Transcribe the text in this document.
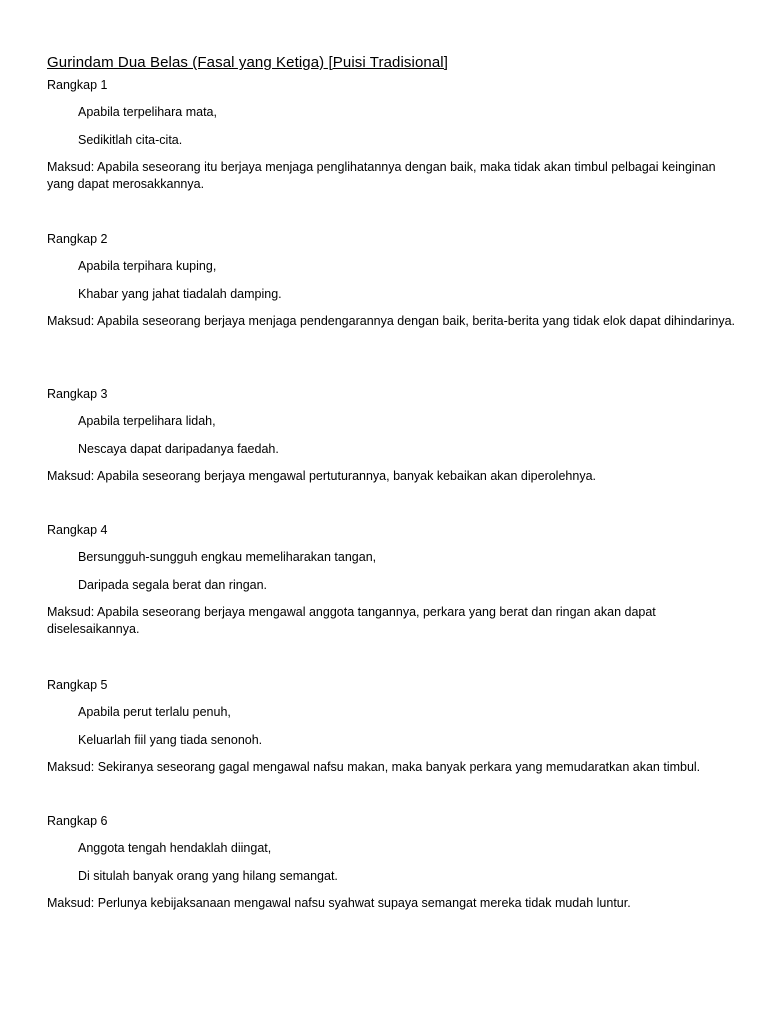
Gurindam Dua Belas (Fasal yang Ketiga) [Puisi Tradisional]
Rangkap 1
Apabila terpelihara mata,
Sedikitlah cita-cita.

Maksud: Apabila seseorang itu berjaya menjaga penglihatannya dengan baik, maka tidak akan timbul pelbagai keinginan yang dapat merosakkannya.

Rangkap 2
Apabila terpihara kuping,
Khabar yang jahat tiadalah damping.

Maksud: Apabila seseorang berjaya menjaga pendengarannya dengan baik, berita-berita yang tidak elok dapat dihindarinya.

Rangkap 3
Apabila terpelihara lidah,
Nescaya dapat daripadanya faedah.

Maksud: Apabila seseorang berjaya mengawal pertuturannya, banyak kebaikan akan diperolehnya.

Rangkap 4
Bersungguh-sungguh engkau memeliharakan tangan,
Daripada segala berat dan ringan.

Maksud: Apabila seseorang berjaya mengawal anggota tangannya, perkara yang berat dan ringan akan dapat diselesaikannya.

Rangkap 5
Apabila perut terlalu penuh,
Keluarlah fiil yang tiada senonoh.

Maksud: Sekiranya seseorang gagal mengawal nafsu makan, maka banyak perkara yang memudaratkan akan timbul.

Rangkap 6
Anggota tengah hendaklah diingat,
Di situlah banyak orang yang hilang semangat.

Maksud: Perlunya kebijaksanaan mengawal nafsu syahwat supaya semangat mereka tidak mudah luntur.
